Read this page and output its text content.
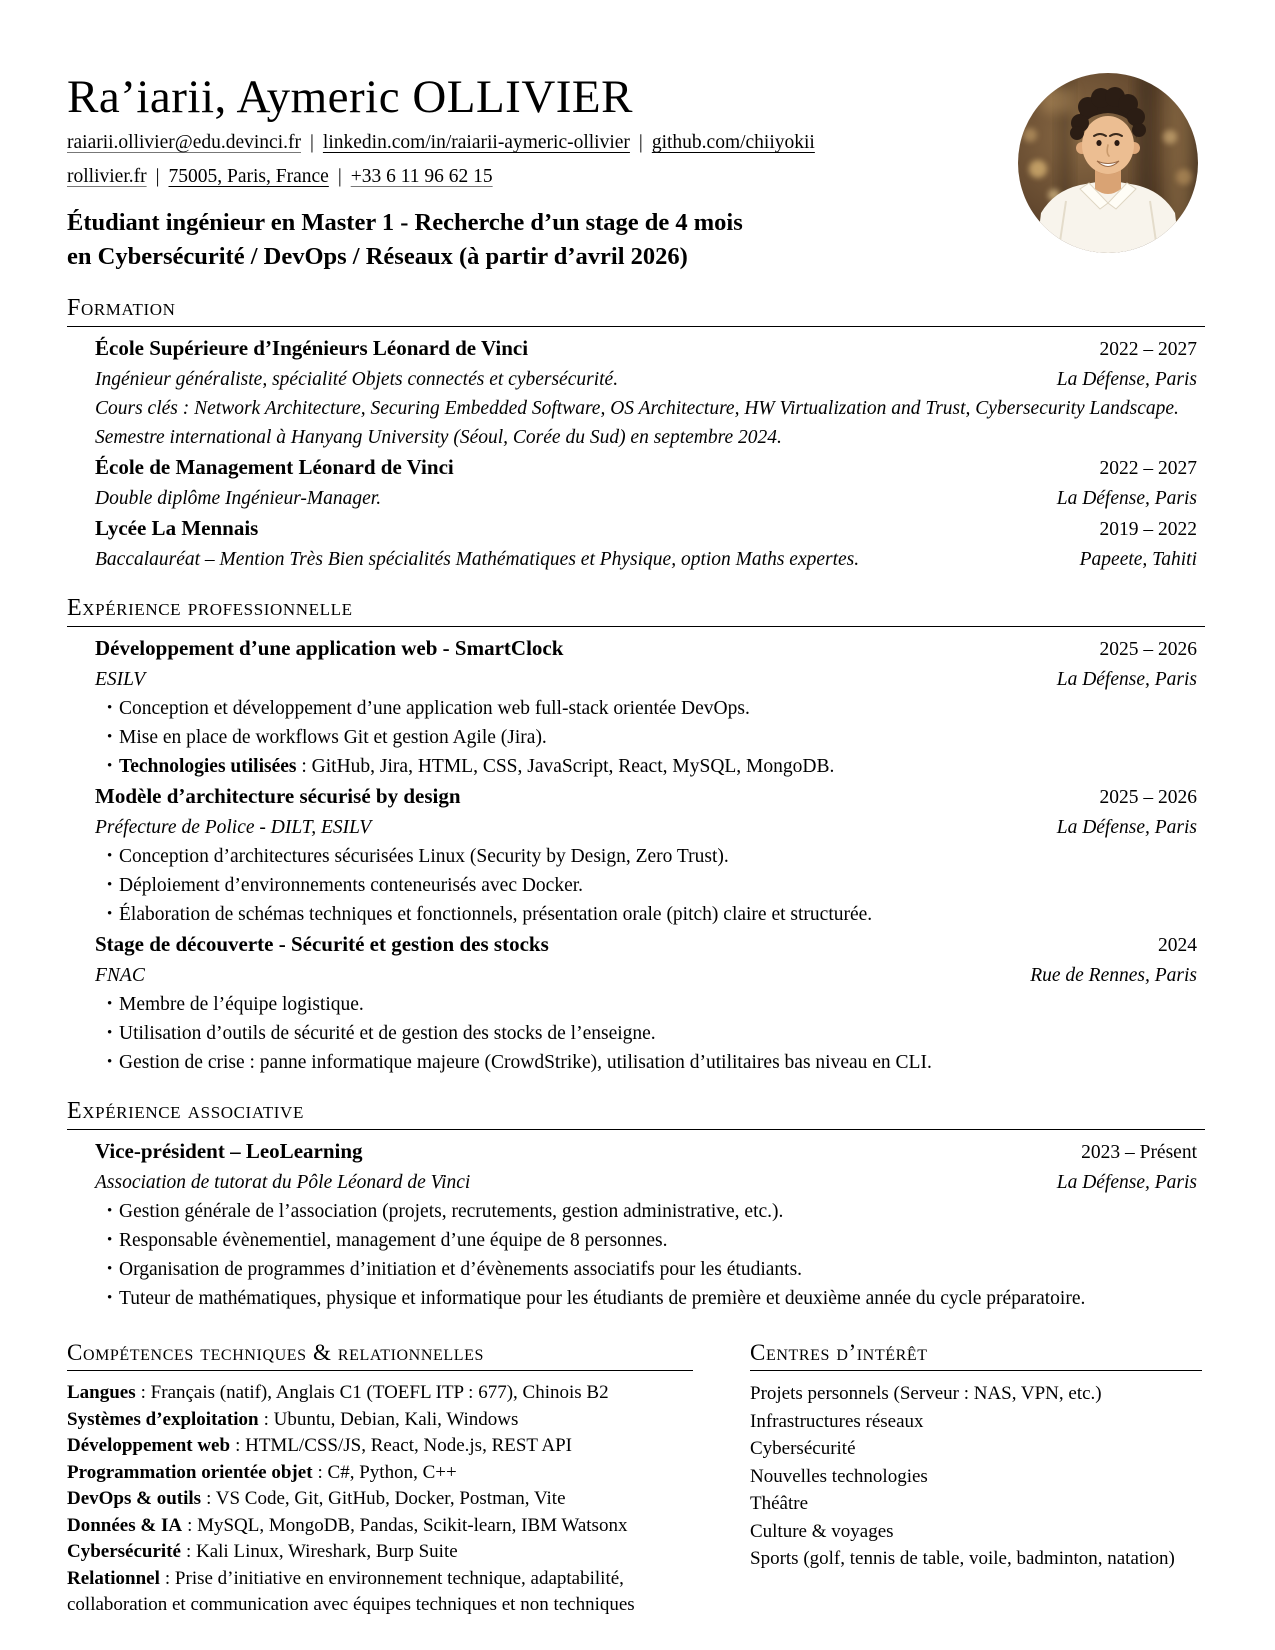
Ra’iarii, Aymeric OLLIVIER
raiarii.ollivier@edu.devinci.fr | linkedin.com/in/raiarii-aymeric-ollivier | github.com/chiiyokii
rollivier.fr | 75005, Paris, France | +33 6 11 96 62 15
Étudiant ingénieur en Master 1 - Recherche d’un stage de 4 mois
en Cybersécurité / DevOps / Réseaux (à partir d’avril 2026)
Formation
École Supérieure d’Ingénieurs Léonard de Vinci	2022 – 2027
Ingénieur généraliste, spécialité Objets connectés et cybersécurité.	La Défense, Paris
Cours clés : Network Architecture, Securing Embedded Software, OS Architecture, HW Virtualization and Trust, Cybersecurity Landscape.
Semestre international à Hanyang University (Séoul, Corée du Sud) en septembre 2024.
École de Management Léonard de Vinci	2022 – 2027
Double diplôme Ingénieur-Manager.	La Défense, Paris
Lycée La Mennais	2019 – 2022
Baccalauréat – Mention Très Bien spécialités Mathématiques et Physique, option Maths expertes.	Papeete, Tahiti
Expérience professionnelle
Développement d’une application web - SmartClock	2025 – 2026
ESILV	La Défense, Paris
• Conception et développement d’une application web full-stack orientée DevOps.
• Mise en place de workflows Git et gestion Agile (Jira).
• Technologies utilisées : GitHub, Jira, HTML, CSS, JavaScript, React, MySQL, MongoDB.
Modèle d’architecture sécurisé by design	2025 – 2026
Préfecture de Police - DILT, ESILV	La Défense, Paris
• Conception d’architectures sécurisées Linux (Security by Design, Zero Trust).
• Déploiement d’environnements conteneurisés avec Docker.
• Élaboration de schémas techniques et fonctionnels, présentation orale (pitch) claire et structurée.
Stage de découverte - Sécurité et gestion des stocks	2024
FNAC	Rue de Rennes, Paris
• Membre de l’équipe logistique.
• Utilisation d’outils de sécurité et de gestion des stocks de l’enseigne.
• Gestion de crise : panne informatique majeure (CrowdStrike), utilisation d’utilitaires bas niveau en CLI.
Expérience associative
Vice-président – LeoLearning	2023 – Présent
Association de tutorat du Pôle Léonard de Vinci	La Défense, Paris
• Gestion générale de l’association (projets, recrutements, gestion administrative, etc.).
• Responsable évènementiel, management d’une équipe de 8 personnes.
• Organisation de programmes d’initiation et d’évènements associatifs pour les étudiants.
• Tuteur de mathématiques, physique et informatique pour les étudiants de première et deuxième année du cycle préparatoire.
Compétences techniques & relationnelles
Langues : Français (natif), Anglais C1 (TOEFL ITP : 677), Chinois B2
Systèmes d’exploitation : Ubuntu, Debian, Kali, Windows
Développement web : HTML/CSS/JS, React, Node.js, REST API
Programmation orientée objet : C#, Python, C++
DevOps & outils : VS Code, Git, GitHub, Docker, Postman, Vite
Données & IA : MySQL, MongoDB, Pandas, Scikit-learn, IBM Watsonx
Cybersécurité : Kali Linux, Wireshark, Burp Suite
Relationnel : Prise d’initiative en environnement technique, adaptabilité, collaboration et communication avec équipes techniques et non techniques
Centres d’intérêt
Projets personnels (Serveur : NAS, VPN, etc.)
Infrastructures réseaux
Cybersécurité
Nouvelles technologies
Théâtre
Culture & voyages
Sports (golf, tennis de table, voile, badminton, natation)
